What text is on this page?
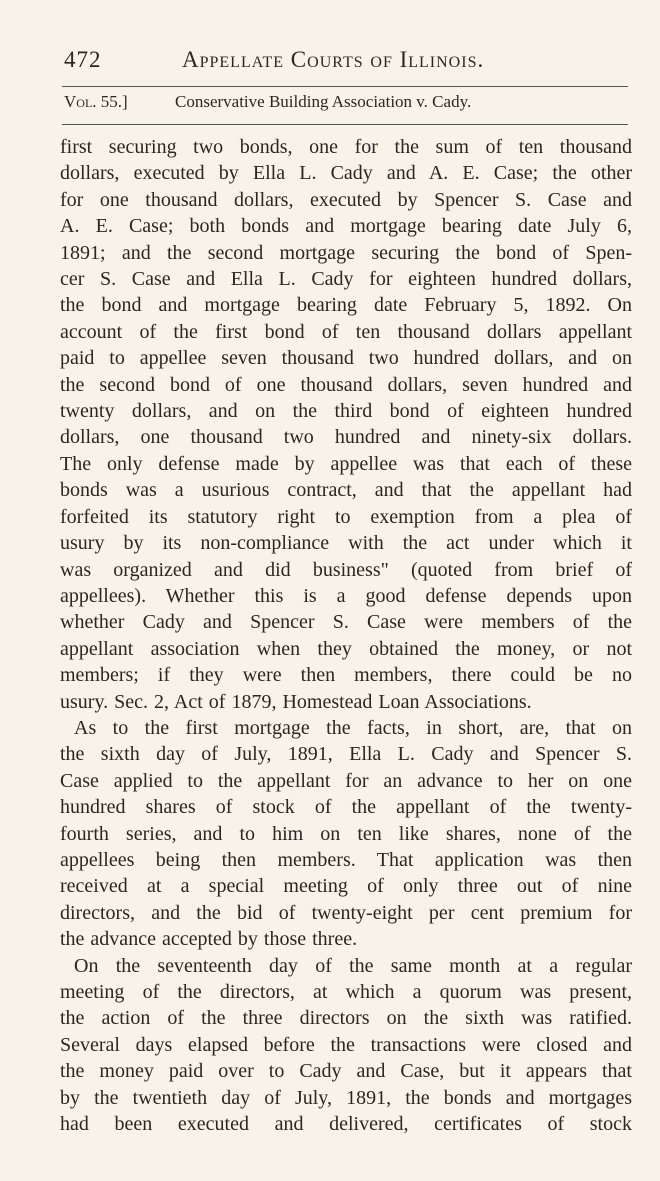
472	Appellate Courts of Illinois.
Vol. 55.]	Conservative Building Association v. Cady.
first securing two bonds, one for the sum of ten thousand
dollars, executed by Ella L. Cady and A. E. Case; the other
for one thousand dollars, executed by Spencer S. Case and
A. E. Case; both bonds and mortgage bearing date July 6,
1891; and the second mortgage securing the bond of Spen-
cer S. Case and Ella L. Cady for eighteen hundred dollars,
the bond and mortgage bearing date February 5, 1892. On
account of the first bond of ten thousand dollars appellant
paid to appellee seven thousand two hundred dollars, and on
the second bond of one thousand dollars, seven hundred and
twenty dollars, and on the third bond of eighteen hundred
dollars, one thousand two hundred and ninety-six dollars.
The only defense made by appellee was that each of these
bonds was a usurious contract, and that the appellant had
forfeited its statutory right to exemption from a plea of
usury by its non-compliance with the act under which it
was organized and did business" (quoted from brief of
appellees). Whether this is a good defense depends upon
whether Cady and Spencer S. Case were members of the
appellant association when they obtained the money, or not
members; if they were then members, there could be no
usury. Sec. 2, Act of 1879, Homestead Loan Associations.
As to the first mortgage the facts, in short, are, that on
the sixth day of July, 1891, Ella L. Cady and Spencer S.
Case applied to the appellant for an advance to her on one
hundred shares of stock of the appellant of the twenty-
fourth series, and to him on ten like shares, none of the
appellees being then members. That application was then
received at a special meeting of only three out of nine
directors, and the bid of twenty-eight per cent premium for
the advance accepted by those three.
On the seventeenth day of the same month at a regular
meeting of the directors, at which a quorum was present,
the action of the three directors on the sixth was ratified.
Several days elapsed before the transactions were closed and
the money paid over to Cady and Case, but it appears that
by the twentieth day of July, 1891, the bonds and mortgages
had been executed and delivered, certificates of stock
